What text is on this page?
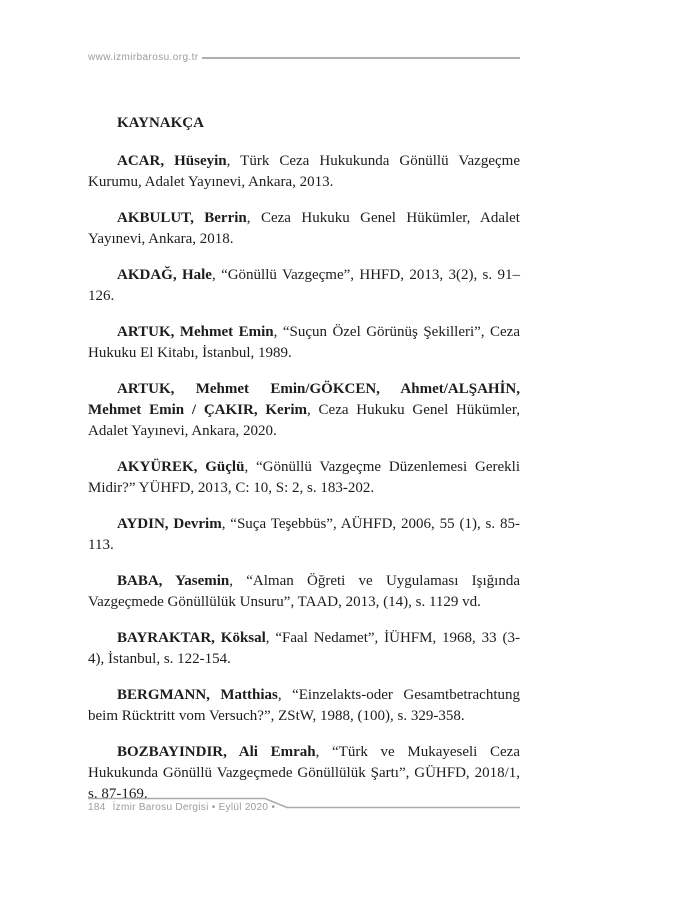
www.izmirbarosu.org.tr

KAYNAKÇA

ACAR, Hüseyin, Türk Ceza Hukukunda Gönüllü Vazgeçme Kurumu, Adalet Yayınevi, Ankara, 2013.

AKBULUT, Berrin, Ceza Hukuku Genel Hükümler, Adalet Yayınevi, Ankara, 2018.

AKDAĞ, Hale, “Gönüllü Vazgeçme”, HHFD, 2013, 3(2), s. 91–126.

ARTUK, Mehmet Emin, “Suçun Özel Görünüş Şekilleri”, Ceza Hukuku El Kitabı, İstanbul, 1989.

ARTUK, Mehmet Emin/GÖKCEN, Ahmet/ALŞAHİN, Mehmet Emin / ÇAKIR, Kerim, Ceza Hukuku Genel Hükümler, Adalet Yayınevi, Ankara, 2020.

AKYÜREK, Güçlü, “Gönüllü Vazgeçme Düzenlemesi Gerekli Midir?” YÜHFD, 2013, C: 10, S: 2, s. 183-202.

AYDIN, Devrim, “Suça Teşebbüs”, AÜHFD, 2006, 55 (1), s. 85-113.

BABA, Yasemin, “Alman Öğreti ve Uygulaması Işığında Vazgeçmede Gönüllülük Unsuru”, TAAD, 2013, (14), s. 1129 vd.

BAYRAKTAR, Köksal, “Faal Nedamet”, İÜHFM, 1968, 33 (3-4), İstanbul, s. 122-154.

BERGMANN, Matthias, “Einzelakts-oder Gesamtbetrachtung beim Rücktritt vom Versuch?”, ZStW, 1988, (100), s. 329-358.

BOZBAYINDIR, Ali Emrah, “Türk ve Mukayeseli Ceza Hukukunda Gönüllü Vazgeçmede Gönüllülük Şartı”, GÜHFD, 2018/1, s. 87-169.

184 İzmir Barosu Dergisi • Eylül 2020 •
